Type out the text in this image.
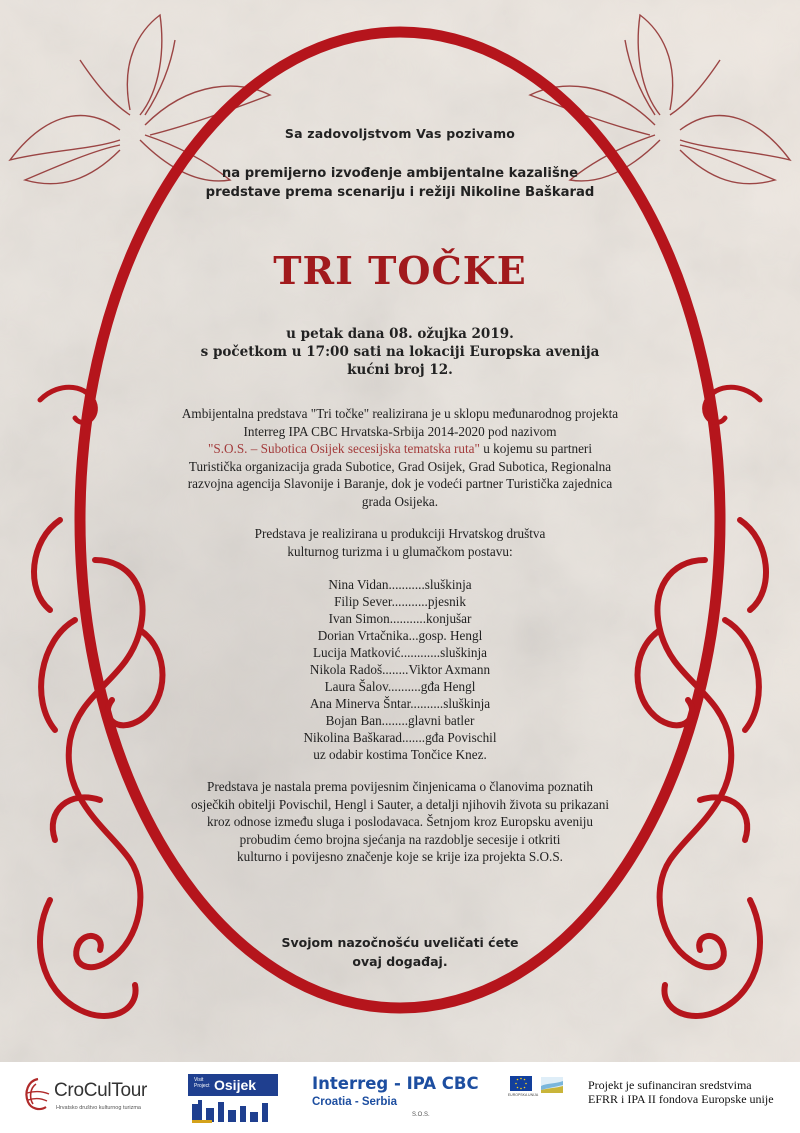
Sa zadovoljstvom Vas pozivamo
na premijerno izvođenje ambijentalne kazališne
predstave prema scenariju i režiji Nikoline Baškarad
TRI TOČKE
u petak dana 08. ožujka 2019.
s početkom u 17:00 sati na lokaciji Europska avenija
kućni broj 12.
Ambijentalna predstava "Tri točke" realizirana je u sklopu međunarodnog projekta
Interreg IPA CBC Hrvatska-Srbija 2014-2020 pod nazivom
"S.O.S. – Subotica Osijek secesijska tematska ruta" u kojemu su partneri
Turistička organizacija grada Subotice, Grad Osijek, Grad Subotica, Regionalna
razvojna agencija Slavonije i Baranje, dok je vodeći partner Turistička zajednica
grada Osijeka.
Predstava je realizirana u produkciji Hrvatskog društva
kulturnog turizma i u glumačkom postavu:
Nina Vidan...........sluškinja
Filip Sever...........pjesnik
Ivan Simon...........konjušar
Dorian Vrtačnika...gosp. Hengl
Lucija Matković............sluškinja
Nikola Radoš........Viktor Axmann
Laura Šalov..........gđa Hengl
Ana Minerva Šntar..........sluškinja
Bojan Ban........glavni batler
Nikolina Baškarad.......gđa Povischil
uz odabir kostima Tončice Knez.
Predstava je nastala prema povijesnim činjenicama o članovima poznatih
osječkih obitelji Povischil, Hengl i Sauter, a detalji njihovih života su prikazani
kroz odnose između sluga i poslodavaca. Šetnjom kroz Europsku aveniju
probudim ćemo brojna sjećanja na razdoblje secesije i otkriti
kulturno i povijesno značenje koje se krije iza projekta S.O.S.
Svojom nazočnošću uveličati ćete
ovaj događaj.
CroCulTour
Hrvatsko društvo kulturnog turizma
Visit Project Osijek	Interreg - IPA CBC
Croatia - Serbia
S.O.S.
EUROPSKA UNIJA
Projekt je sufinanciran sredstvima
EFRR i IPA II fondova Europske unije
